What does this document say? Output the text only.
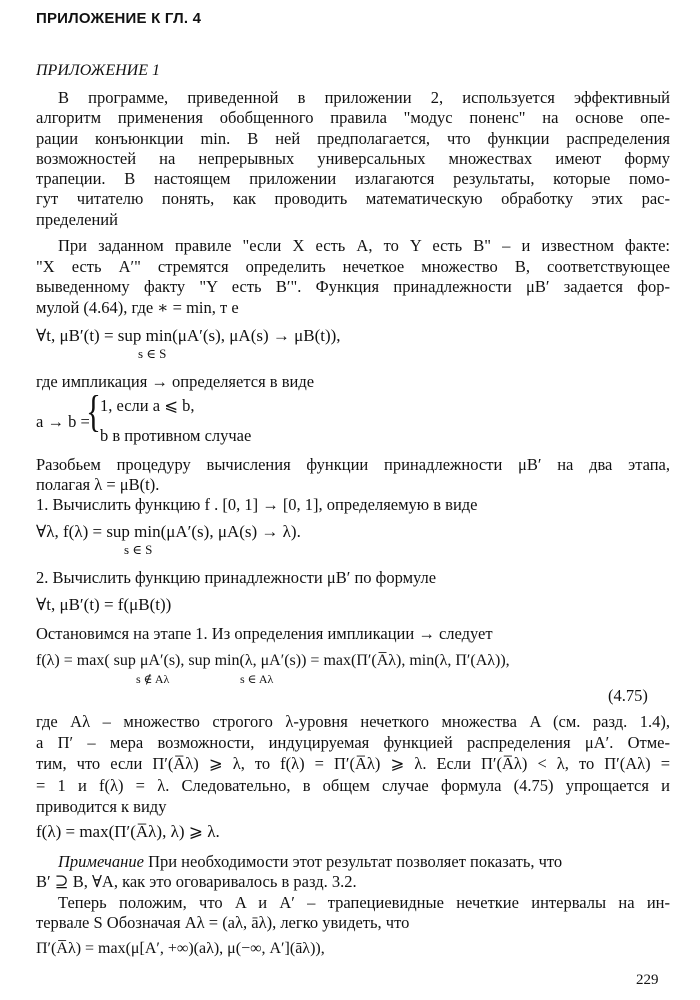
ПРИЛОЖЕНИЕ К ГЛ. 4
ПРИЛОЖЕНИЕ 1
В программе, приведенной в приложении 2, используется эффективный
алгоритм применения обобщенного правила "модус поненс" на основе опе-
рации конъюнкции min. В ней предполагается, что функции распределения
возможностей на непрерывных универсальных множествах имеют форму
трапеции. В настоящем приложении излагаются результаты, которые помо-
гут читателю понять, как проводить математическую обработку этих рас-
пределений
При заданном правиле "если X есть A, то Y есть B" – и известном факте:
"X есть A′" стремятся определить нечеткое множество B, соответствующее
выведенному факту "Y есть B′". Функция принадлежности μB′ задается фор-
мулой (4.64), где ∗ = min, т е
∀t, μB′(t) = sup min(μA′(s), μA(s) → μB(t)),
s ∈ S
где импликация → определяется в виде
a → b =
{ 1, если a ⩽ b,
b в противном случае
Разобьем процедуру вычисления функции принадлежности μB′ на два этапа,
полагая λ = μB(t).
1. Вычислить функцию f . [0, 1] → [0, 1], определяемую в виде
∀λ, f(λ) = sup min(μA′(s), μA(s) → λ).
s ∈ S
2. Вычислить функцию принадлежности μB′ по формуле
∀t, μB′(t) = f(μB(t))
Остановимся на этапе 1. Из определения импликации → следует
f(λ) = max( sup μA′(s), sup min(λ, μA′(s)) = max(Π′(A̅λ), min(λ, Π′(Aλ)),
s ∉ Aλ	s ∈ Aλ
(4.75)
где Aλ – множество строгого λ-уровня нечеткого множества A (см. разд. 1.4),
а Π′ – мера возможности, индуцируемая функцией распределения μA′. Отме-
тим, что если Π′(A̅λ) ⩾ λ, то f(λ) = Π′(A̅λ) ⩾ λ. Если Π′(A̅λ) < λ, то Π′(Aλ) =
= 1 и f(λ) = λ. Следовательно, в общем случае формула (4.75) упрощается и
приводится к виду
f(λ) = max(Π′(A̅λ), λ) ⩾ λ.
Примечание При необходимости этот результат позволяет показать, что
B′ ⊇ B, ∀A, как это оговаривалось в разд. 3.2.
Теперь положим, что A и A′ – трапециевидные нечеткие интервалы на ин-
тервале S Обозначая Aλ = (aλ, āλ), легко увидеть, что
Π′(A̅λ) = max(μ[A′, +∞)(aλ), μ(−∞, A′](āλ)),
229
